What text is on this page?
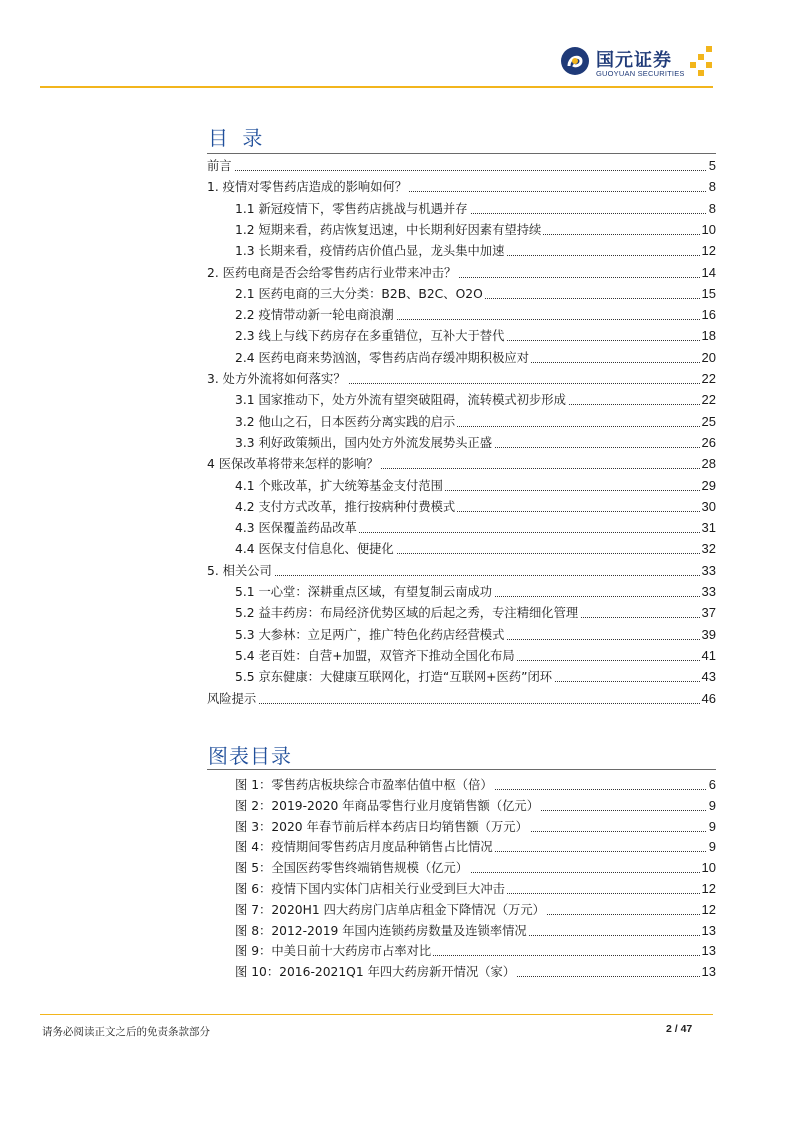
国元证券
GUOYUAN SECURITIES
目 录
前言	5
1. 疫情对零售药店造成的影响如何？	8
1.1 新冠疫情下，零售药店挑战与机遇并存	8
1.2 短期来看，药店恢复迅速，中长期利好因素有望持续	10
1.3 长期来看，疫情药店价值凸显，龙头集中加速	12
2. 医药电商是否会给零售药店行业带来冲击？	14
2.1 医药电商的三大分类：B2B、B2C、O2O	15
2.2 疫情带动新一轮电商浪潮	16
2.3 线上与线下药房存在多重错位，互补大于替代	18
2.4 医药电商来势汹汹，零售药店尚存缓冲期积极应对	20
3. 处方外流将如何落实？	22
3.1 国家推动下，处方外流有望突破阻碍，流转模式初步形成	22
3.2 他山之石，日本医药分离实践的启示	25
3.3 利好政策频出，国内处方外流发展势头正盛	26
4 医保改革将带来怎样的影响？	28
4.1 个账改革，扩大统筹基金支付范围	29
4.2 支付方式改革，推行按病种付费模式	30
4.3 医保覆盖药品改革	31
4.4 医保支付信息化、便捷化	32
5. 相关公司	33
5.1 一心堂：深耕重点区域，有望复制云南成功	33
5.2 益丰药房：布局经济优势区域的后起之秀，专注精细化管理	37
5.3 大参林：立足两广，推广特色化药店经营模式	39
5.4 老百姓：自营+加盟，双管齐下推动全国化布局	41
5.5 京东健康：大健康互联网化，打造“互联网+医药”闭环	43
风险提示	46
图表目录
图 1：零售药店板块综合市盈率估值中枢（倍）	6
图 2：2019-2020 年商品零售行业月度销售额（亿元）	9
图 3：2020 年春节前后样本药店日均销售额（万元）	9
图 4：疫情期间零售药店月度品种销售占比情况	9
图 5：全国医药零售终端销售规模（亿元）	10
图 6：疫情下国内实体门店相关行业受到巨大冲击	12
图 7：2020H1 四大药房门店单店租金下降情况（万元）	12
图 8：2012-2019 年国内连锁药房数量及连锁率情况	13
图 9：中美日前十大药房市占率对比	13
图 10：2016-2021Q1 年四大药房新开情况（家）	13
请务必阅读正文之后的免责条款部分	2 / 47
